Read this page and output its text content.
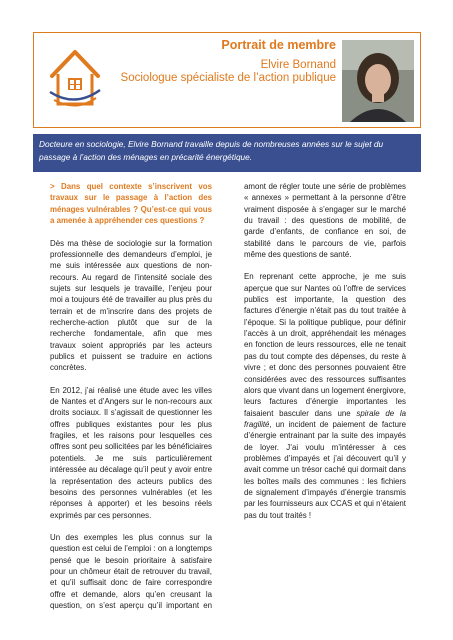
Portrait de membre
Elvire Bornand
Sociologue spécialiste de l’action publique

Docteure en sociologie, Elvire Bornand travaille depuis de nombreuses années sur le sujet du passage à l’action des ménages en précarité énergétique.

> Dans quel contexte s’inscrivent vos travaux sur le passage à l’action des ménages vulnérables ? Qu’est-ce qui vous a amenée à appréhender ces questions ?

Dès ma thèse de sociologie sur la formation professionnelle des demandeurs d’emploi, je me suis intéressée aux questions de non-recours. Au regard de l’intensité sociale des sujets sur lesquels je travaille, l’enjeu pour moi a toujours été de travailler au plus près du terrain et de m’inscrire dans des projets de recherche-action plutôt que sur de la recherche fondamentale, afin que mes travaux soient appropriés par les acteurs publics et puissent se traduire en actions concrètes.

En 2012, j’ai réalisé une étude avec les villes de Nantes et d’Angers sur le non-recours aux droits sociaux. Il s’agissait de questionner les offres publiques existantes pour les plus fragiles, et les raisons pour lesquelles ces offres sont peu sollicitées par les bénéficiaires potentiels. Je me suis particulièrement intéressée au décalage qu’il peut y avoir entre la représentation des acteurs publics des besoins des personnes vulnérables (et les réponses à apporter) et les besoins réels exprimés par ces personnes.

Un des exemples les plus connus sur la question est celui de l’emploi : on a longtemps pensé que le besoin prioritaire à satisfaire pour un chômeur était de retrouver du travail, et qu’il suffisait donc de faire correspondre offre et demande, alors qu’en creusant la question, on s’est aperçu qu’il important en

amont de régler toute une série de problèmes « annexes » permettant à la personne d’être vraiment disposée à s’engager sur le marché du travail : des questions de mobilité, de garde d’enfants, de confiance en soi, de stabilité dans le parcours de vie, parfois même des questions de santé.

En reprenant cette approche, je me suis aperçue que sur Nantes où l’offre de services publics est importante, la question des factures d’énergie n’était pas du tout traitée à l’époque. Si la politique publique, pour définir l’accès à un droit, appréhendait les ménages en fonction de leurs ressources, elle ne tenait pas du tout compte des dépenses, du reste à vivre ; et donc des personnes pouvaient être considérées avec des ressources suffisantes alors que vivant dans un logement énergivore, leurs factures d’énergie importantes les faisaient basculer dans une spirale de la fragilité, un incident de paiement de facture d’énergie entrainant par la suite des impayés de loyer. J’ai voulu m’intéresser à ces problèmes d’impayés et j’ai découvert qu’il y avait comme un trésor caché qui dormait dans les boîtes mails des communes : les fichiers de signalement d’impayés d’énergie transmis par les fournisseurs aux CCAS et qui n’étaient pas du tout traités !
